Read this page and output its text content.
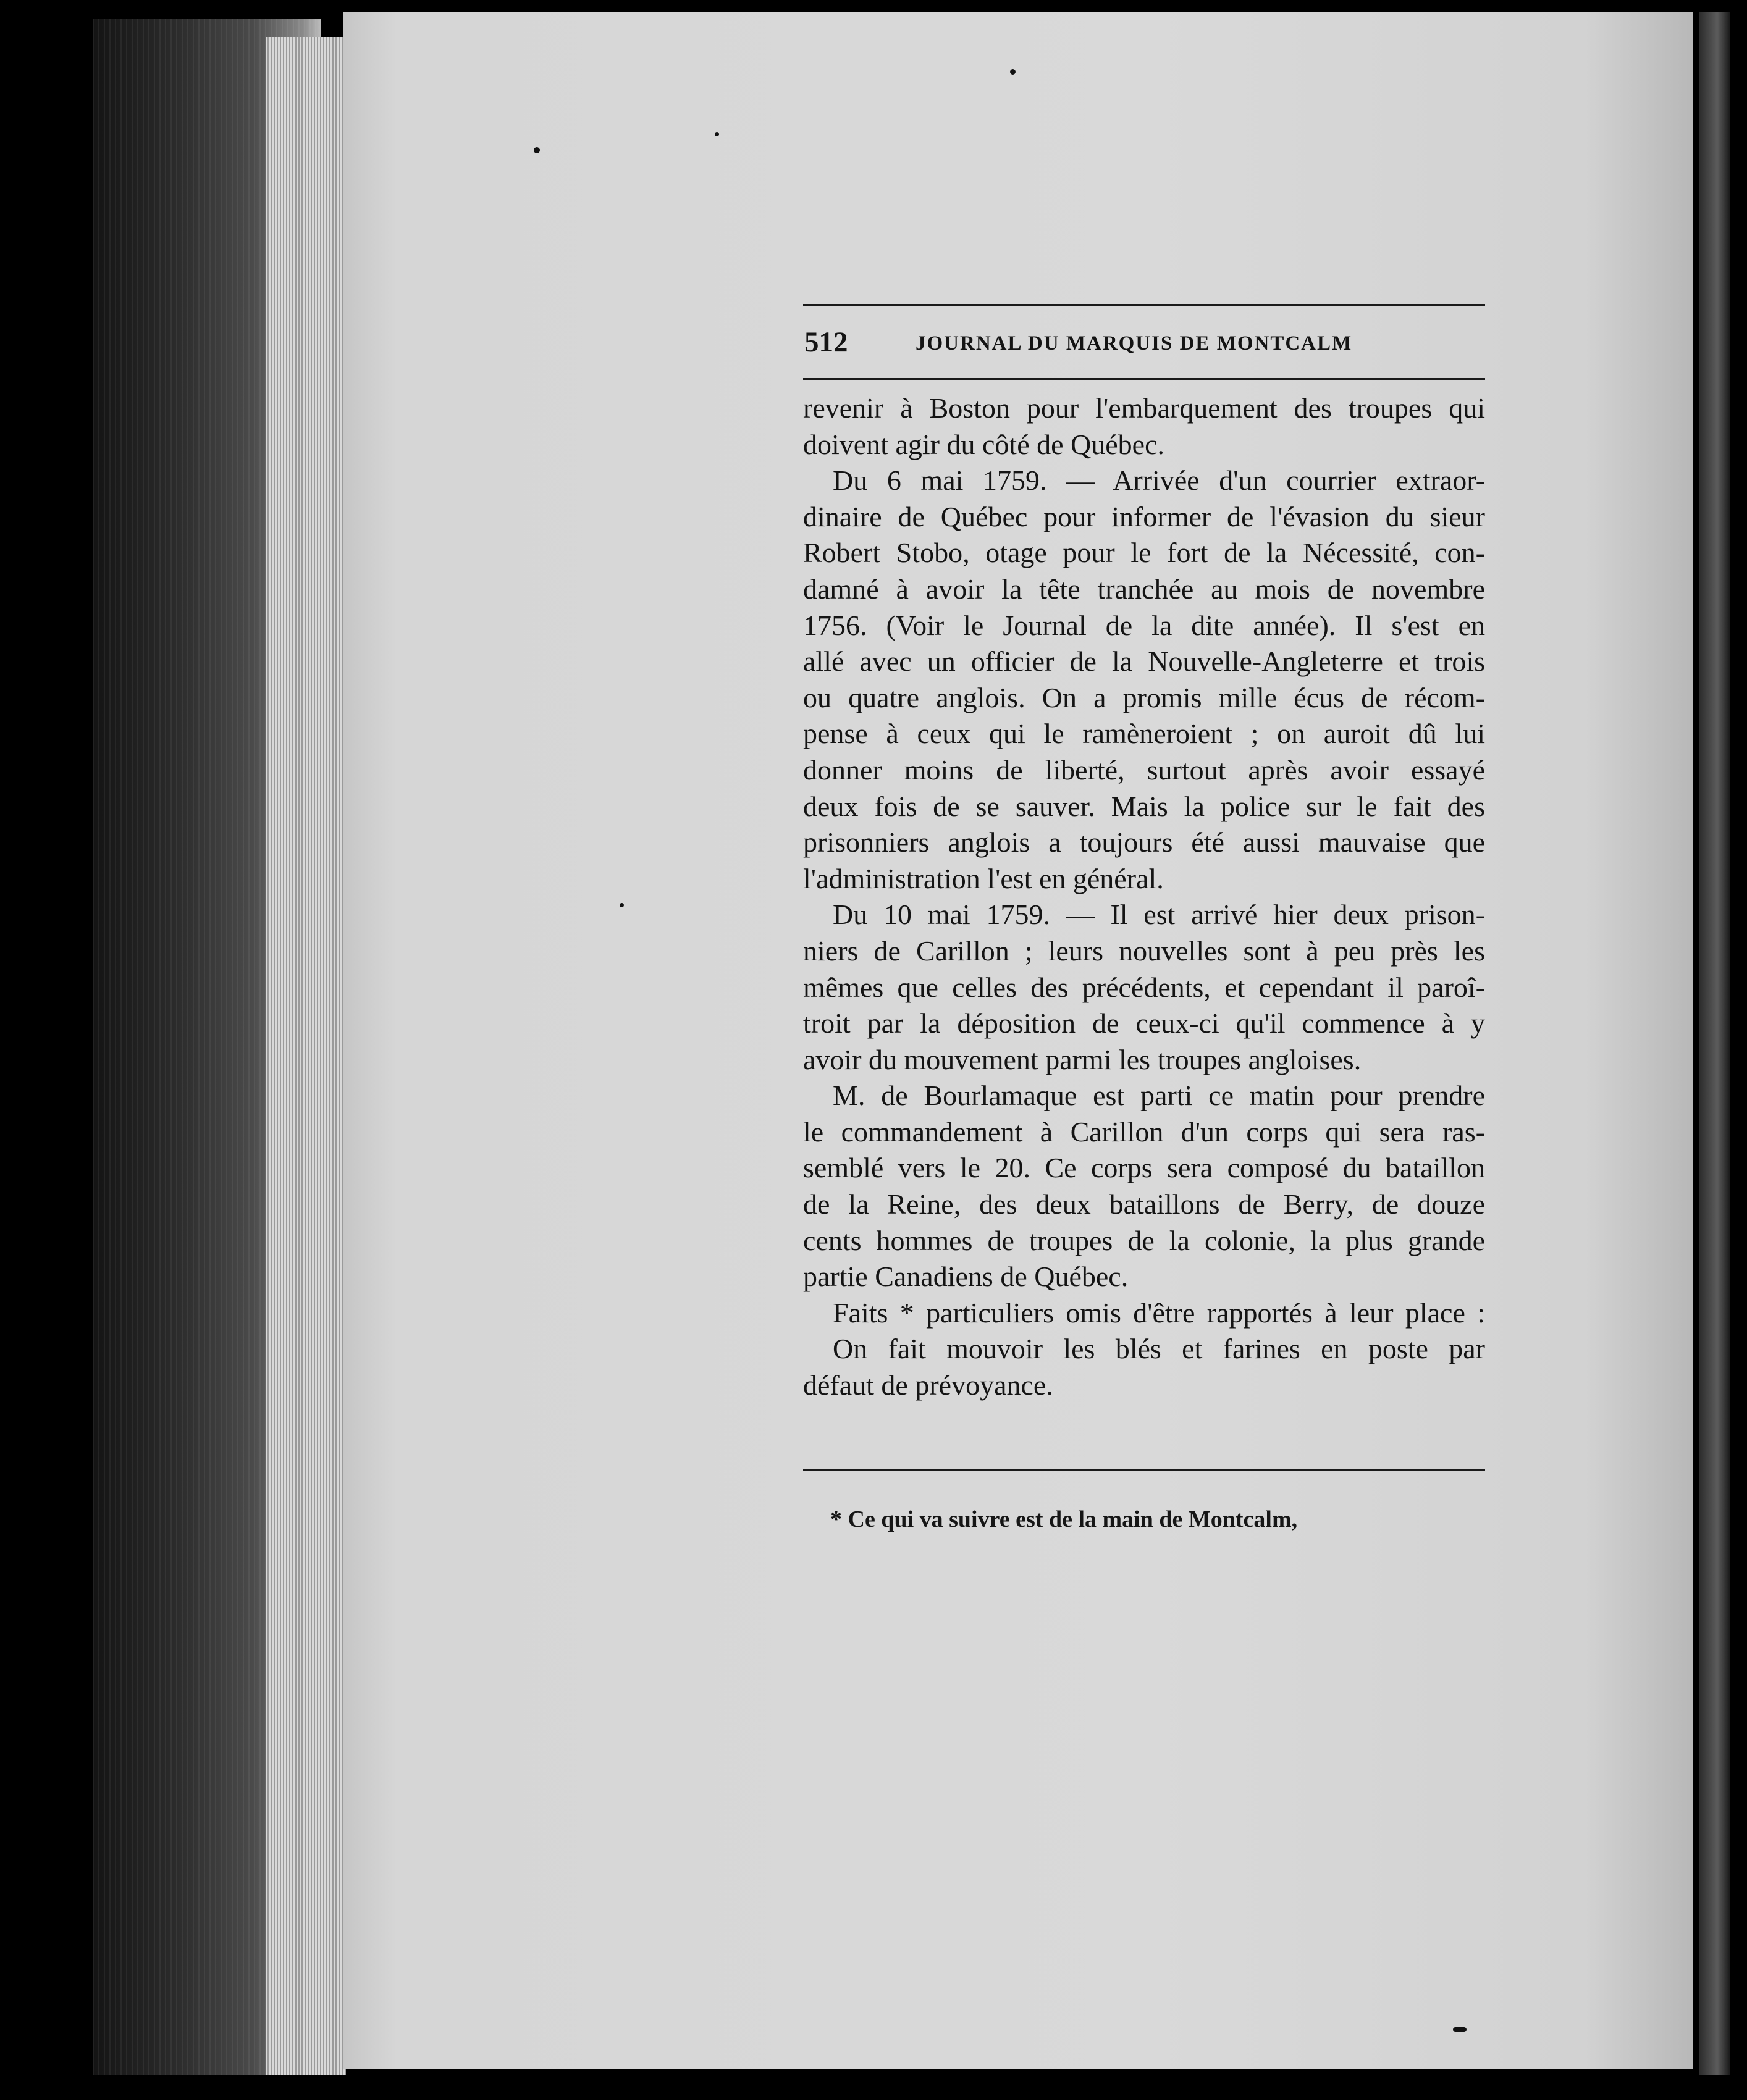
512	JOURNAL DU MARQUIS DE MONTCALM
revenir à Boston pour l'embarquement des troupes qui
doivent agir du côté de Québec.
Du 6 mai 1759. — Arrivée d'un courrier extraor-
dinaire de Québec pour informer de l'évasion du sieur
Robert Stobo, otage pour le fort de la Nécessité, con-
damné à avoir la tête tranchée au mois de novembre
1756. (Voir le Journal de la dite année). Il s'est en
allé avec un officier de la Nouvelle-Angleterre et trois
ou quatre anglois. On a promis mille écus de récom-
pense à ceux qui le ramèneroient ; on auroit dû lui
donner moins de liberté, surtout après avoir essayé
deux fois de se sauver. Mais la police sur le fait des
prisonniers anglois a toujours été aussi mauvaise que
l'administration l'est en général.
Du 10 mai 1759. — Il est arrivé hier deux prison-
niers de Carillon ; leurs nouvelles sont à peu près les
mêmes que celles des précédents, et cependant il paroî-
troit par la déposition de ceux-ci qu'il commence à y
avoir du mouvement parmi les troupes angloises.
M. de Bourlamaque est parti ce matin pour prendre
le commandement à Carillon d'un corps qui sera ras-
semblé vers le 20. Ce corps sera composé du bataillon
de la Reine, des deux bataillons de Berry, de douze
cents hommes de troupes de la colonie, la plus grande
partie Canadiens de Québec.
Faits * particuliers omis d'être rapportés à leur place :
On fait mouvoir les blés et farines en poste par
défaut de prévoyance.
* Ce qui va suivre est de la main de Montcalm,
